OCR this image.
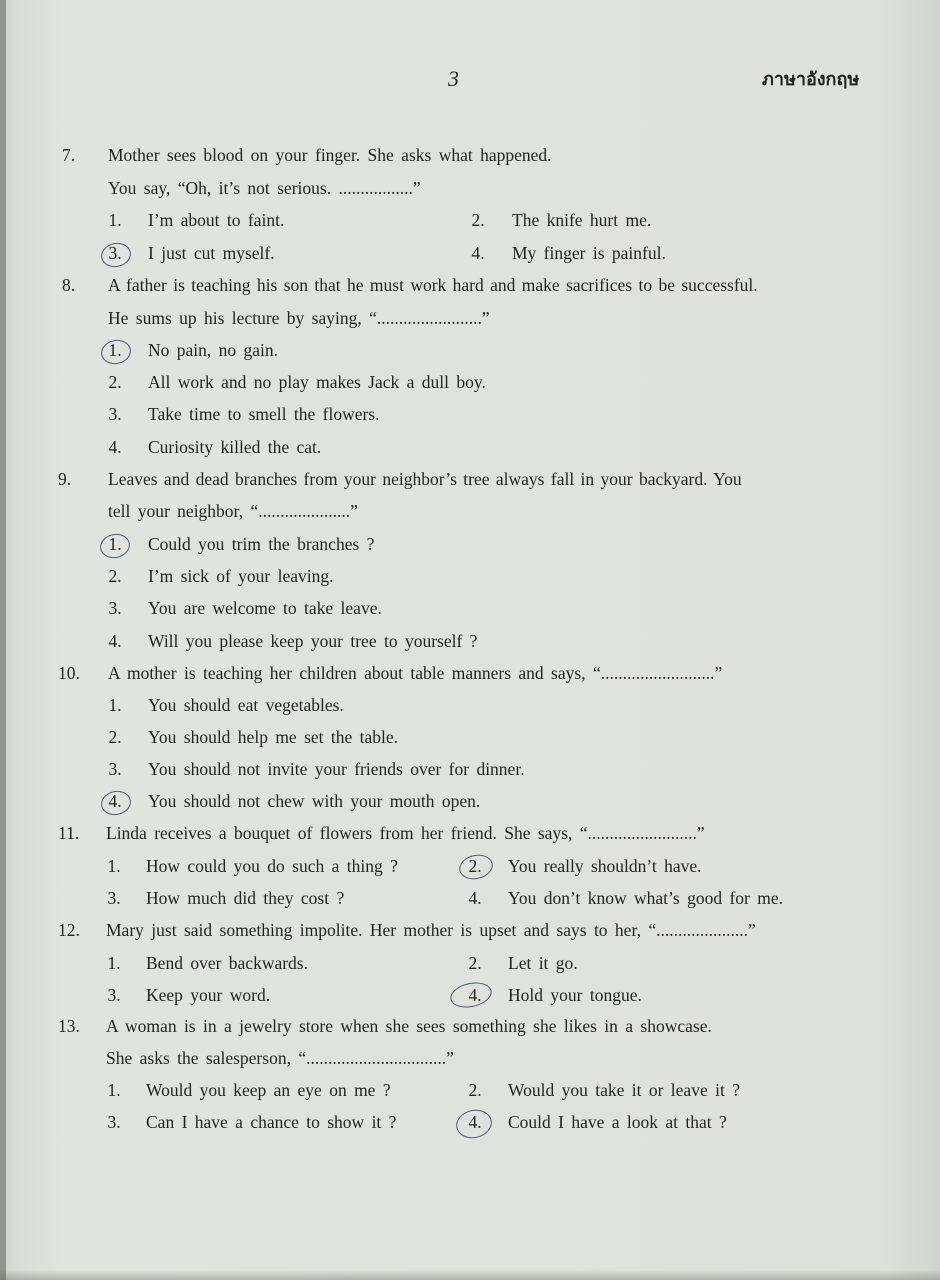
3	ภาษาอังกฤษ
7. Mother sees blood on your finger. She asks what happened.
You say, “Oh, it’s not serious. .................”
1. I’m about to faint.	2. The knife hurt me.
3. I just cut myself.	4. My finger is painful.
8. A father is teaching his son that he must work hard and make sacrifices to be successful.
He sums up his lecture by saying, “........................”
1. No pain, no gain.
2. All work and no play makes Jack a dull boy.
3. Take time to smell the flowers.
4. Curiosity killed the cat.
9. Leaves and dead branches from your neighbor’s tree always fall in your backyard. You
tell your neighbor, “.....................”
1. Could you trim the branches ?
2. I’m sick of your leaving.
3. You are welcome to take leave.
4. Will you please keep your tree to yourself ?
10. A mother is teaching her children about table manners and says, “..........................”
1. You should eat vegetables.
2. You should help me set the table.
3. You should not invite your friends over for dinner.
4. You should not chew with your mouth open.
11. Linda receives a bouquet of flowers from her friend. She says, “.........................”
1. How could you do such a thing ?	2. You really shouldn’t have.
3. How much did they cost ?	4. You don’t know what’s good for me.
12. Mary just said something impolite. Her mother is upset and says to her, “.....................”
1. Bend over backwards.	2. Let it go.
3. Keep your word.	4. Hold your tongue.
13. A woman is in a jewelry store when she sees something she likes in a showcase.
She asks the salesperson, “................................”
1. Would you keep an eye on me ?	2. Would you take it or leave it ?
3. Can I have a chance to show it ?	4. Could I have a look at that ?
